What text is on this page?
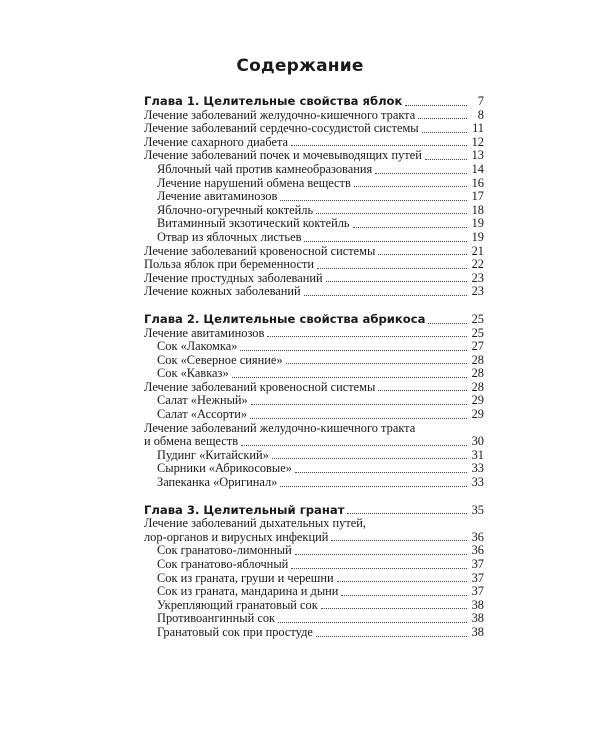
Содержание
Глава 1. Целительные свойства яблок	7
Лечение заболеваний желудочно-кишечного тракта	8
Лечение заболеваний сердечно-сосудистой системы	11
Лечение сахарного диабета	12
Лечение заболеваний почек и мочевыводящих путей	13
Яблочный чай против камнеобразования	14
Лечение нарушений обмена веществ	16
Лечение авитаминозов	17
Яблочно-огуречный коктейль	18
Витаминный экзотический коктейль	19
Отвар из яблочных листьев	19
Лечение заболеваний кровеносной системы	21
Польза яблок при беременности	22
Лечение простудных заболеваний	23
Лечение кожных заболеваний	23
Глава 2. Целительные свойства абрикоса	25
Лечение авитаминозов	25
Сок «Лакомка»	27
Сок «Северное сияние»	28
Сок «Кавказ»	28
Лечение заболеваний кровеносной системы	28
Салат «Нежный»	29
Салат «Ассорти»	29
Лечение заболеваний желудочно-кишечного тракта
и обмена веществ	30
Пудинг «Китайский»	31
Сырники «Абрикосовые»	33
Запеканка «Оригинал»	33
Глава 3. Целительный гранат	35
Лечение заболеваний дыхательных путей,
лор-органов и вирусных инфекций	36
Сок гранатово-лимонный	36
Сок гранатово-яблочный	37
Сок из граната, груши и черешни	37
Сок из граната, мандарина и дыни	37
Укрепляющий гранатовый сок	38
Противоангинный сок	38
Гранатовый сок при простуде	38
